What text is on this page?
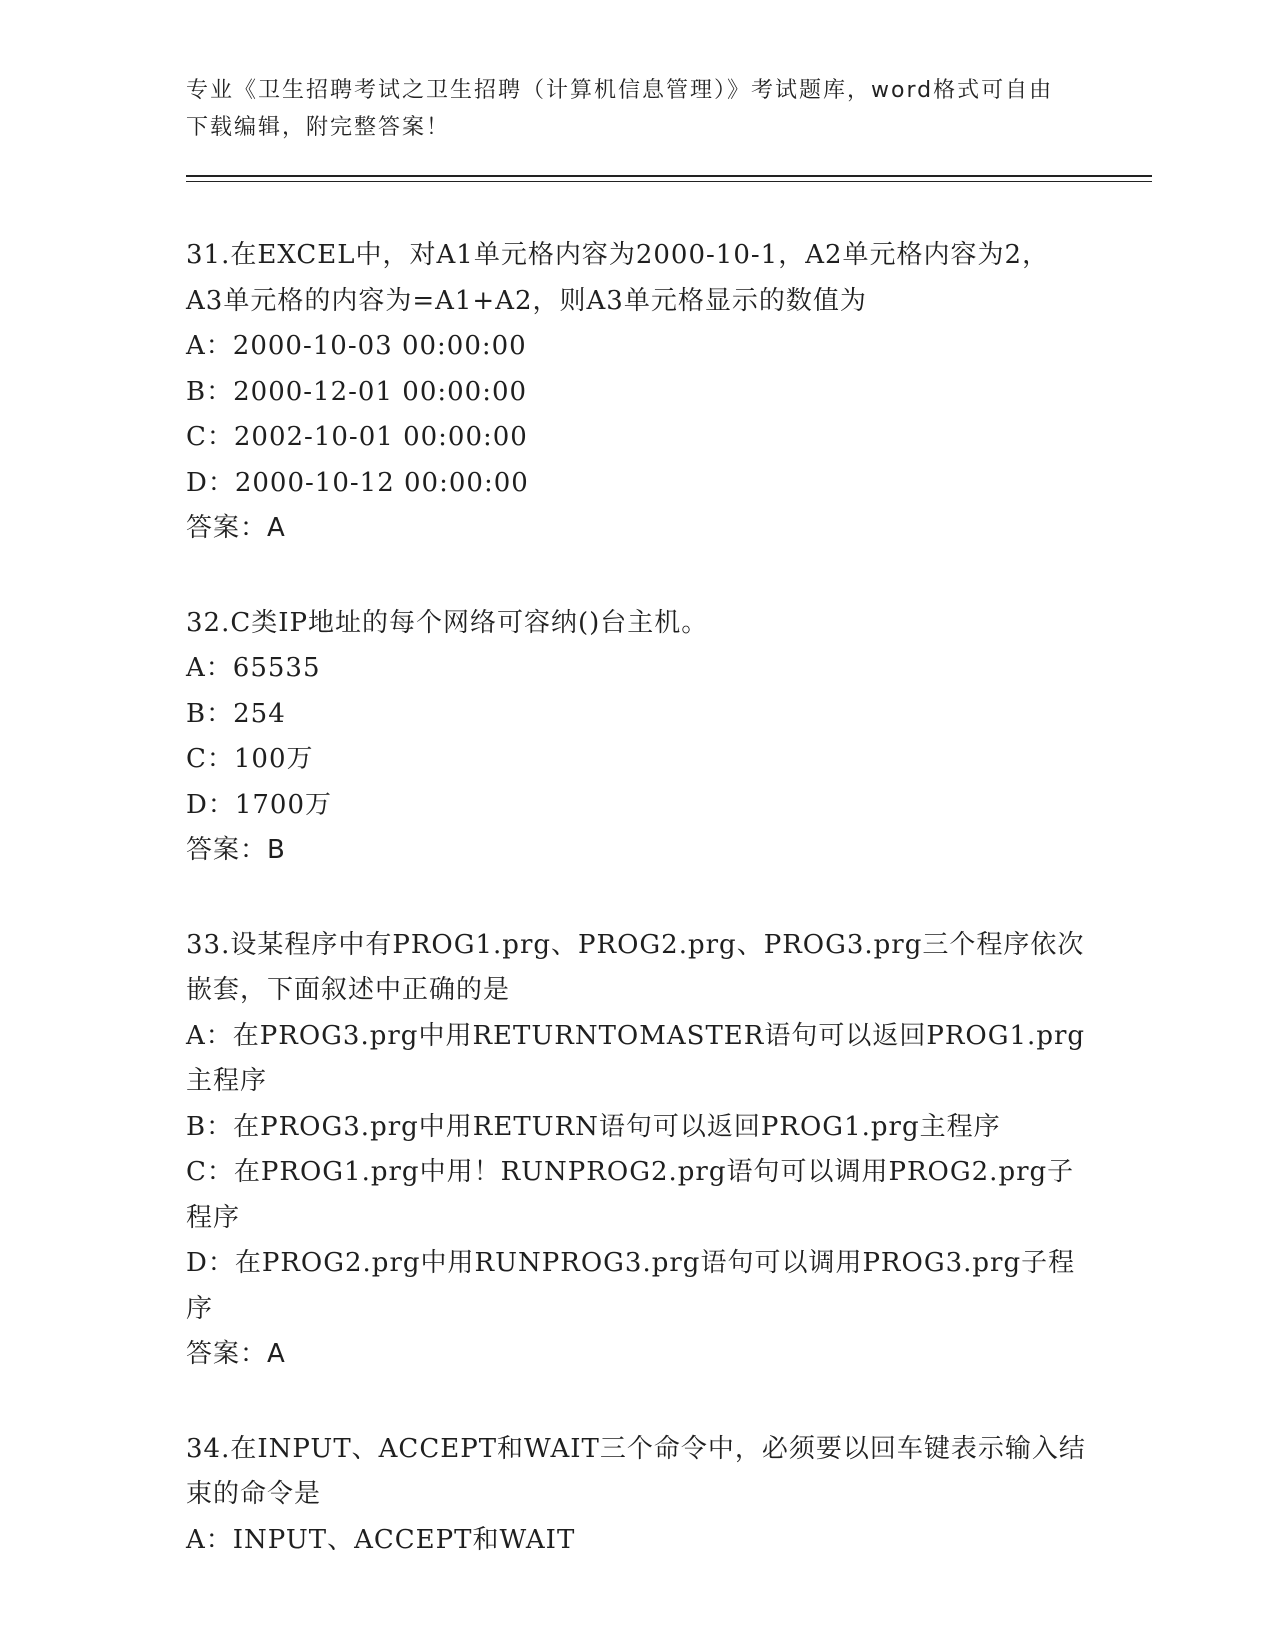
专业《卫生招聘考试之卫生招聘（计算机信息管理）》考试题库，word格式可自由下载编辑，附完整答案！
31.在EXCEL中，对A1单元格内容为2000-10-1，A2单元格内容为2，A3单元格的内容为=A1+A2，则A3单元格显示的数值为
A：2000-10-03 00:00:00
B：2000-12-01 00:00:00
C：2002-10-01 00:00:00
D：2000-10-12 00:00:00
答案：A
32.C类IP地址的每个网络可容纳()台主机。
A：65535
B：254
C：100万
D：1700万
答案：B
33.设某程序中有PROG1.prg、PROG2.prg、PROG3.prg三个程序依次嵌套，下面叙述中正确的是
A：在PROG3.prg中用RETURNTOMASTER语句可以返回PROG1.prg主程序
B：在PROG3.prg中用RETURN语句可以返回PROG1.prg主程序
C：在PROG1.prg中用！RUNPROG2.prg语句可以调用PROG2.prg子程序
D：在PROG2.prg中用RUNPROG3.prg语句可以调用PROG3.prg子程序
答案：A
34.在INPUT、ACCEPT和WAIT三个命令中，必须要以回车键表示输入结束的命令是
A：INPUT、ACCEPT和WAIT
